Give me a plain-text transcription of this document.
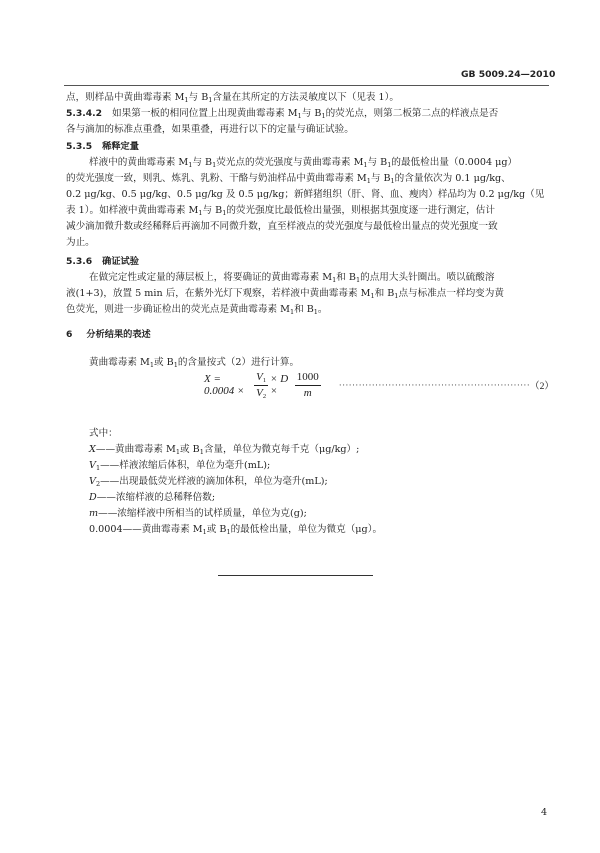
GB 5009.24—2010
点，则样品中黄曲霉毒素 $M_1$与 $B_1$含量在其所定的方法灵敏度以下（见表 1）。
5.3.4.2 如果第一板的相同位置上出现黄曲霉毒素 $M_1$与 $B_1$的荧光点，则第二板第二点的样液点是否
各与滴加的标准点重叠，如果重叠，再进行以下的定量与确证试验。
5.3.5 稀释定量
样液中的黄曲霉毒素 $M_1$与 $B_1$荧光点的荧光强度与黄曲霉毒素 $M_1$与 $B_1$的最低检出量（0.0004 μg）
的荧光强度一致，则乳、炼乳、乳粉、干酪与奶油样品中黄曲霉毒素 $M_1$与 $B_1$的含量依次为 0.1 μg/kg、
0.2 μg/kg、0.5 μg/kg、0.5 μg/kg 及 0.5 μg/kg；新鲜猪组织（肝、肾、血、瘦肉）样品均为 0.2 μg/kg（见
表 1）。如样液中黄曲霉毒素 $M_1$与 $B_1$的荧光强度比最低检出量强，则根据其强度逐一进行测定，估计
减少滴加微升数或经稀释后再滴加不同微升数，直至样液点的荧光强度与最低检出量点的荧光强度一致
为止。
5.3.6 确证试验
在做完定性或定量的薄层板上，将要确证的黄曲霉毒素 $M_1$和 $B_1$的点用大头针圈出。喷以硫酸溶
液(1+3)，放置 5 min 后，在紫外光灯下观察，若样液中黄曲霉毒素 $M_1$和 $B_1$点与标准点一样均变为黄
色荧光，则进一步确证检出的荧光点是黄曲霉毒素 $M_1$和 $B_1$。
6 分析结果的表述
黄曲霉毒素 $M_1$或 $B_1$的含量按式（2）进行计算。
$X = 0.0004 \times \frac{V_1}{V_2} \times D$ ×	$\frac{1000}{m}$ ·························································· （2）
式中：
X——黄曲霉毒素 $M_1$或 $B_1$含量，单位为微克每千克（μg/kg）;
$V_1——$样液浓缩后体积，单位为毫升(mL);
$V_2——$出现最低荧光样液的滴加体积，单位为毫升(mL);
D——浓缩样液的总稀释倍数;
m——浓缩样液中所相当的试样质量，单位为克(g);
0.0004——黄曲霉毒素 $M_1$或 $B_1$的最低检出量，单位为微克（μg）。
4
